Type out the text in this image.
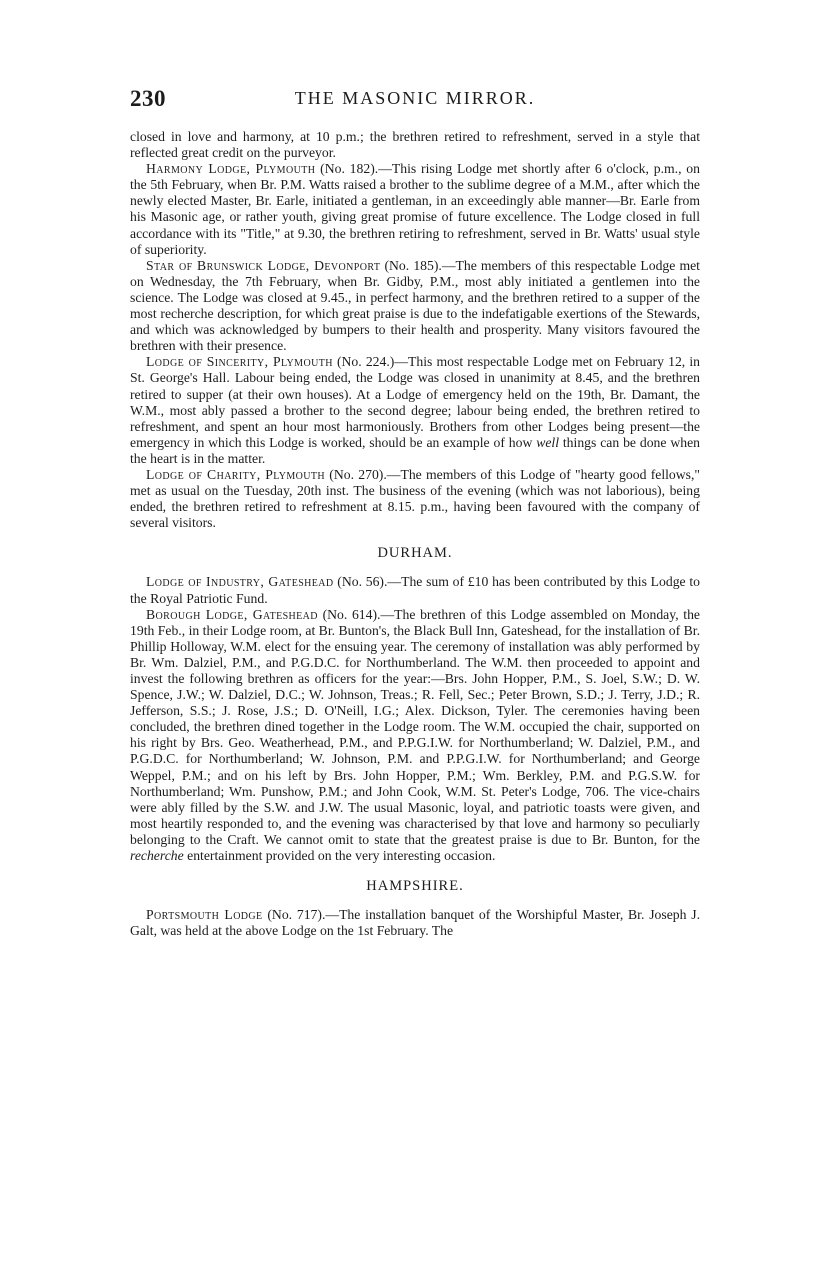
230	THE MASONIC MIRROR.

closed in love and harmony, at 10 p.m.; the brethren retired to refreshment, served in a style that reflected great credit on the purveyor.

Harmony Lodge, Plymouth (No. 182).—This rising Lodge met shortly after 6 o'clock, p.m., on the 5th February, when Br. P.M. Watts raised a brother to the sublime degree of a M.M., after which the newly elected Master, Br. Earle, initiated a gentleman, in an exceedingly able manner—Br. Earle from his Masonic age, or rather youth, giving great promise of future excellence. The Lodge closed in full accordance with its "Title," at 9.30, the brethren retiring to refreshment, served in Br. Watts' usual style of superiority.

Star of Brunswick Lodge, Devonport (No. 185).—The members of this respectable Lodge met on Wednesday, the 7th February, when Br. Gidby, P.M., most ably initiated a gentlemen into the science. The Lodge was closed at 9.45., in perfect harmony, and the brethren retired to a supper of the most recherche description, for which great praise is due to the indefatigable exertions of the Stewards, and which was acknowledged by bumpers to their health and prosperity. Many visitors favoured the brethren with their presence.

Lodge of Sincerity, Plymouth (No. 224.)—This most respectable Lodge met on February 12, in St. George's Hall. Labour being ended, the Lodge was closed in unanimity at 8.45, and the brethren retired to supper (at their own houses). At a Lodge of emergency held on the 19th, Br. Damant, the W.M., most ably passed a brother to the second degree; labour being ended, the brethren retired to refreshment, and spent an hour most harmoniously. Brothers from other Lodges being present—the emergency in which this Lodge is worked, should be an example of how well things can be done when the heart is in the matter.

Lodge of Charity, Plymouth (No. 270).—The members of this Lodge of "hearty good fellows," met as usual on the Tuesday, 20th inst. The business of the evening (which was not laborious), being ended, the brethren retired to refreshment at 8.15. p.m., having been favoured with the company of several visitors.

DURHAM.

Lodge of Industry, Gateshead (No. 56).—The sum of £10 has been contributed by this Lodge to the Royal Patriotic Fund.

Borough Lodge, Gateshead (No. 614).—The brethren of this Lodge assembled on Monday, the 19th Feb., in their Lodge room, at Br. Bunton's, the Black Bull Inn, Gateshead, for the installation of Br. Phillip Holloway, W.M. elect for the ensuing year. The ceremony of installation was ably performed by Br. Wm. Dalziel, P.M., and P.G.D.C. for Northumberland. The W.M. then proceeded to appoint and invest the following brethren as officers for the year:—Brs. John Hopper, P.M., S. Joel, S.W.; D. W. Spence, J.W.; W. Dalziel, D.C.; W. Johnson, Treas.; R. Fell, Sec.; Peter Brown, S.D.; J. Terry, J.D.; R. Jefferson, S.S.; J. Rose, J.S.; D. O'Neill, I.G.; Alex. Dickson, Tyler. The ceremonies having been concluded, the brethren dined together in the Lodge room. The W.M. occupied the chair, supported on his right by Brs. Geo. Weatherhead, P.M., and P.P.G.I.W. for Northumberland; W. Dalziel, P.M., and P.G.D.C. for Northumberland; W. Johnson, P.M. and P.P.G.I.W. for Northumberland; and George Weppel, P.M.; and on his left by Brs. John Hopper, P.M.; Wm. Berkley, P.M. and P.G.S.W. for Northumberland; Wm. Punshow, P.M.; and John Cook, W.M. St. Peter's Lodge, 706. The vice-chairs were ably filled by the S.W. and J.W. The usual Masonic, loyal, and patriotic toasts were given, and most heartily responded to, and the evening was characterised by that love and harmony so peculiarly belonging to the Craft. We cannot omit to state that the greatest praise is due to Br. Bunton, for the recherche entertainment provided on the very interesting occasion.

HAMPSHIRE.

Portsmouth Lodge (No. 717).—The installation banquet of the Worshipful Master, Br. Joseph J. Galt, was held at the above Lodge on the 1st February. The
